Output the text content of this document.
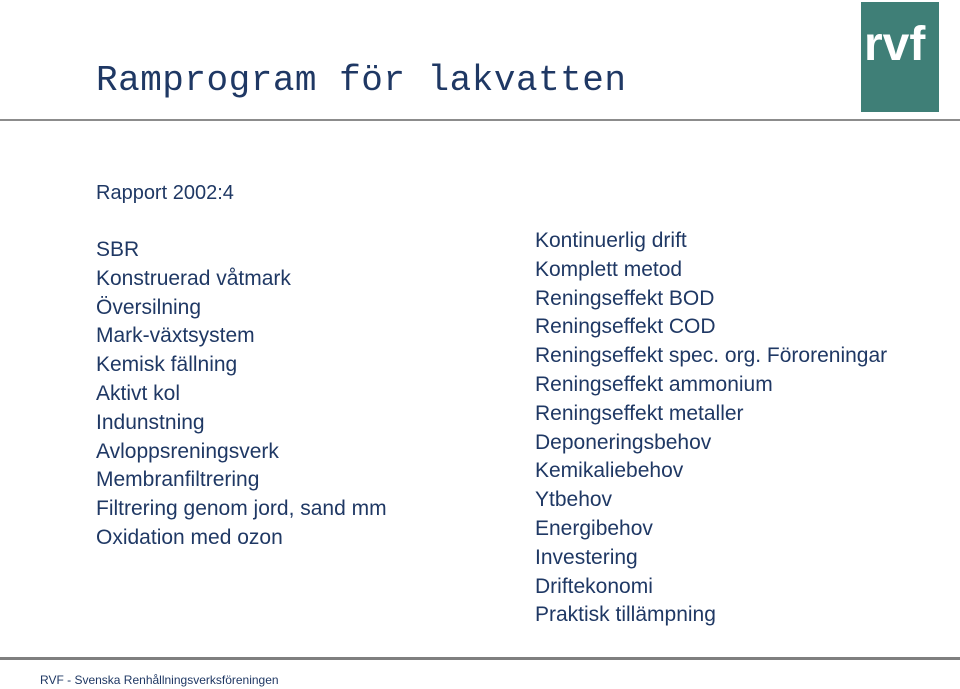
Ramprogram för lakvatten
rvf
Rapport 2002:4
SBR
Konstruerad våtmark
Översilning
Mark-växtsystem
Kemisk fällning
Aktivt kol
Indunstning
Avloppsreningsverk
Membranfiltrering
Filtrering genom jord, sand mm
Oxidation med ozon
Kontinuerlig drift
Komplett metod
Reningseffekt BOD
Reningseffekt COD
Reningseffekt spec. org. Föroreningar
Reningseffekt ammonium
Reningseffekt metaller
Deponeringsbehov
Kemikaliebehov
Ytbehov
Energibehov
Investering
Driftekonomi
Praktisk tillämpning
RVF - Svenska Renhållningsverksföreningen
